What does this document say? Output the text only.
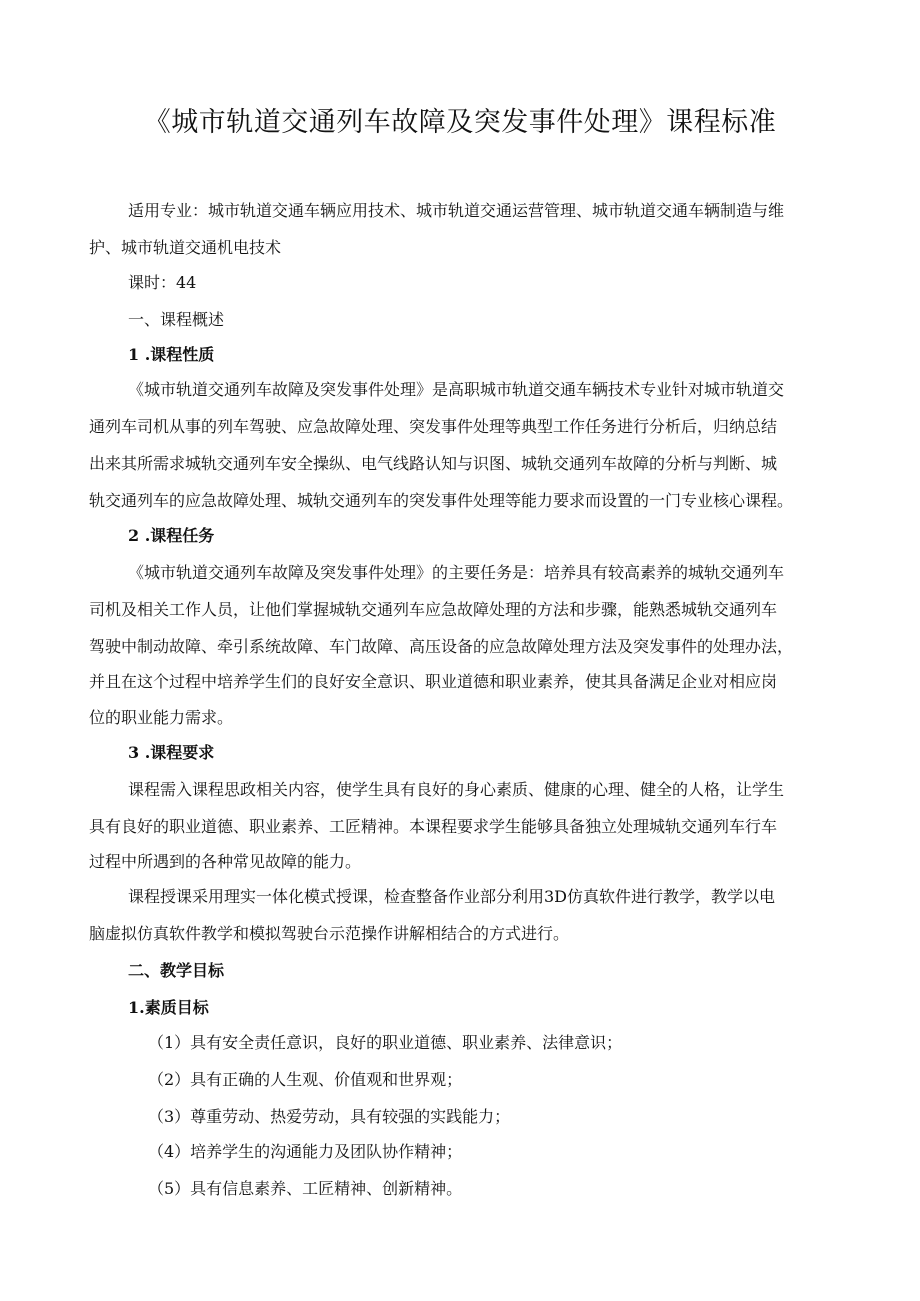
《城市轨道交通列车故障及突发事件处理》课程标准

适用专业：城市轨道交通车辆应用技术、城市轨道交通运营管理、城市轨道交通车辆制造与维

护、城市轨道交通机电技术

课时：44

一、课程概述

1 .课程性质

《城市轨道交通列车故障及突发事件处理》是高职城市轨道交通车辆技术专业针对城市轨道交

通列车司机从事的列车驾驶、应急故障处理、突发事件处理等典型工作任务进行分析后，归纳总结

出来其所需求城轨交通列车安全操纵、电气线路认知与识图、城轨交通列车故障的分析与判断、城

轨交通列车的应急故障处理、城轨交通列车的突发事件处理等能力要求而设置的一门专业核心课程。

2 .课程任务

《城市轨道交通列车故障及突发事件处理》的主要任务是：培养具有较高素养的城轨交通列车

司机及相关工作人员，让他们掌握城轨交通列车应急故障处理的方法和步骤，能熟悉城轨交通列车

驾驶中制动故障、牵引系统故障、车门故障、高压设备的应急故障处理方法及突发事件的处理办法，

并且在这个过程中培养学生们的良好安全意识、职业道德和职业素养，使其具备满足企业对相应岗

位的职业能力需求。

3 .课程要求

课程需入课程思政相关内容，使学生具有良好的身心素质、健康的心理、健全的人格，让学生

具有良好的职业道德、职业素养、工匠精神。本课程要求学生能够具备独立处理城轨交通列车行车

过程中所遇到的各种常见故障的能力。

课程授课采用理实一体化模式授课，检查整备作业部分利用3D仿真软件进行教学，教学以电

脑虚拟仿真软件教学和模拟驾驶台示范操作讲解相结合的方式进行。

二、教学目标

1.素质目标

（1）具有安全责任意识，良好的职业道德、职业素养、法律意识；

（2）具有正确的人生观、价值观和世界观；

（3）尊重劳动、热爱劳动，具有较强的实践能力；

（4）培养学生的沟通能力及团队协作精神；

（5）具有信息素养、工匠精神、创新精神。
